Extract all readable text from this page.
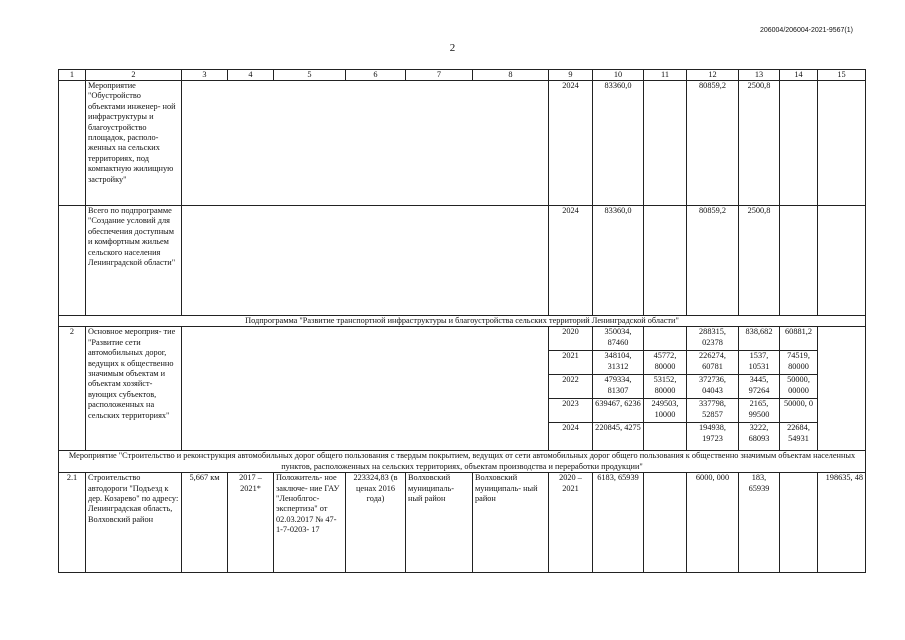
206004/206004-2021-9567(1)
2
1	2	3	4	5	6	7	8	9	10	11	12	13	14	15
	Мероприятие "Обустройство объектами инженер- ной инфраструктуры и благоустройство площадок, располо- женных на сельских территориях, под компактную жилищную застройку"							2024	83360,0		80859,2	2500,8		
	Всего по подпрограмме "Создание условий для обеспечения доступным и комфортным жильем сельского населения Ленинградской области"							2024	83360,0		80859,2	2500,8		
Подпрограмма "Развитие транспортной инфраструктуры и благоустройства сельских территорий Ленинградской области"														
2	Основное мероприя- тие "Развитие сети автомобильных дорог, ведущих к общественно значимым объектам и объектам хозяйст- вующих субъектов, расположенных на сельских территориях"							2020	350034, 87460		288315, 02378	838,682	60881,2	
								2021	348104, 31312	45772, 80000	226274, 60781	1537, 10531	74519, 80000	
								2022	479334, 81307	53152, 80000	372736, 04043	3445, 97264	50000, 00000	
								2023	639467, 6236	249503, 10000	337798, 52857	2165, 99500	50000, 0	
								2024	220845, 4275		194938, 19723	3222, 68093	22684, 54931	
Мероприятие "Строительство и реконструкция автомобильных дорог общего пользования с твердым покрытием, ведущих от сети автомобильных дорог общего пользования к общественно значимым объектам населенных пунктов, расположенных на сельских территориях, объектам производства и переработки продукции"														
2.1	Строительство автодороги "Подъезд к дер. Козарево" по адресу: Ленинградская область, Волховский район	5,667 км	2017 – 2021*	Положитель- ное заключе- ние ГАУ "Леноблгос- экспертиза" от 02.03.2017 № 47-1-7-0203- 17	223324,83 (в ценах 2016 года)	Волховский муниципаль- ный район	Волховский муниципаль- ный район	2020 – 2021	6183, 65939		6000, 000	183, 65939		198635, 48
